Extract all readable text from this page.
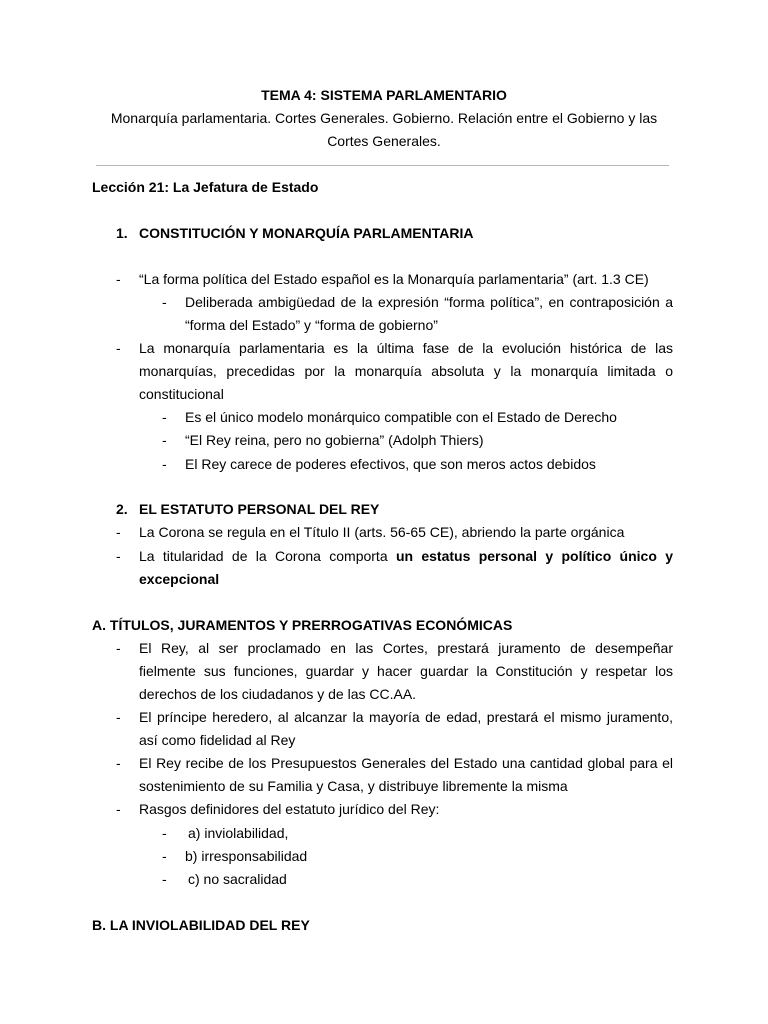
TEMA 4: SISTEMA PARLAMENTARIO
Monarquía parlamentaria. Cortes Generales. Gobierno. Relación entre el Gobierno y las
Cortes Generales.
Lección 21: La Jefatura de Estado
1. CONSTITUCIÓN Y MONARQUÍA PARLAMENTARIA
- “La forma política del Estado español es la Monarquía parlamentaria” (art. 1.3 CE)
- Deliberada ambigüedad de la expresión “forma política”, en contraposición a
“forma del Estado” y “forma de gobierno”
- La monarquía parlamentaria es la última fase de la evolución histórica de las
monarquías, precedidas por la monarquía absoluta y la monarquía limitada o
constitucional
- Es el único modelo monárquico compatible con el Estado de Derecho
- “El Rey reina, pero no gobierna” (Adolph Thiers)
- El Rey carece de poderes efectivos, que son meros actos debidos
2. EL ESTATUTO PERSONAL DEL REY
- La Corona se regula en el Título II (arts. 56-65 CE), abriendo la parte orgánica
- La titularidad de la Corona comporta un estatus personal y político único y
excepcional
A. TÍTULOS, JURAMENTOS Y PRERROGATIVAS ECONÓMICAS
- El Rey, al ser proclamado en las Cortes, prestará juramento de desempeñar
fielmente sus funciones, guardar y hacer guardar la Constitución y respetar los
derechos de los ciudadanos y de las CC.AA.
- El príncipe heredero, al alcanzar la mayoría de edad, prestará el mismo juramento,
así como fidelidad al Rey
- El Rey recibe de los Presupuestos Generales del Estado una cantidad global para el
sostenimiento de su Familia y Casa, y distribuye libremente la misma
- Rasgos definidores del estatuto jurídico del Rey:
- a) inviolabilidad,
- b) irresponsabilidad
- c) no sacralidad
B. LA INVIOLABILIDAD DEL REY
